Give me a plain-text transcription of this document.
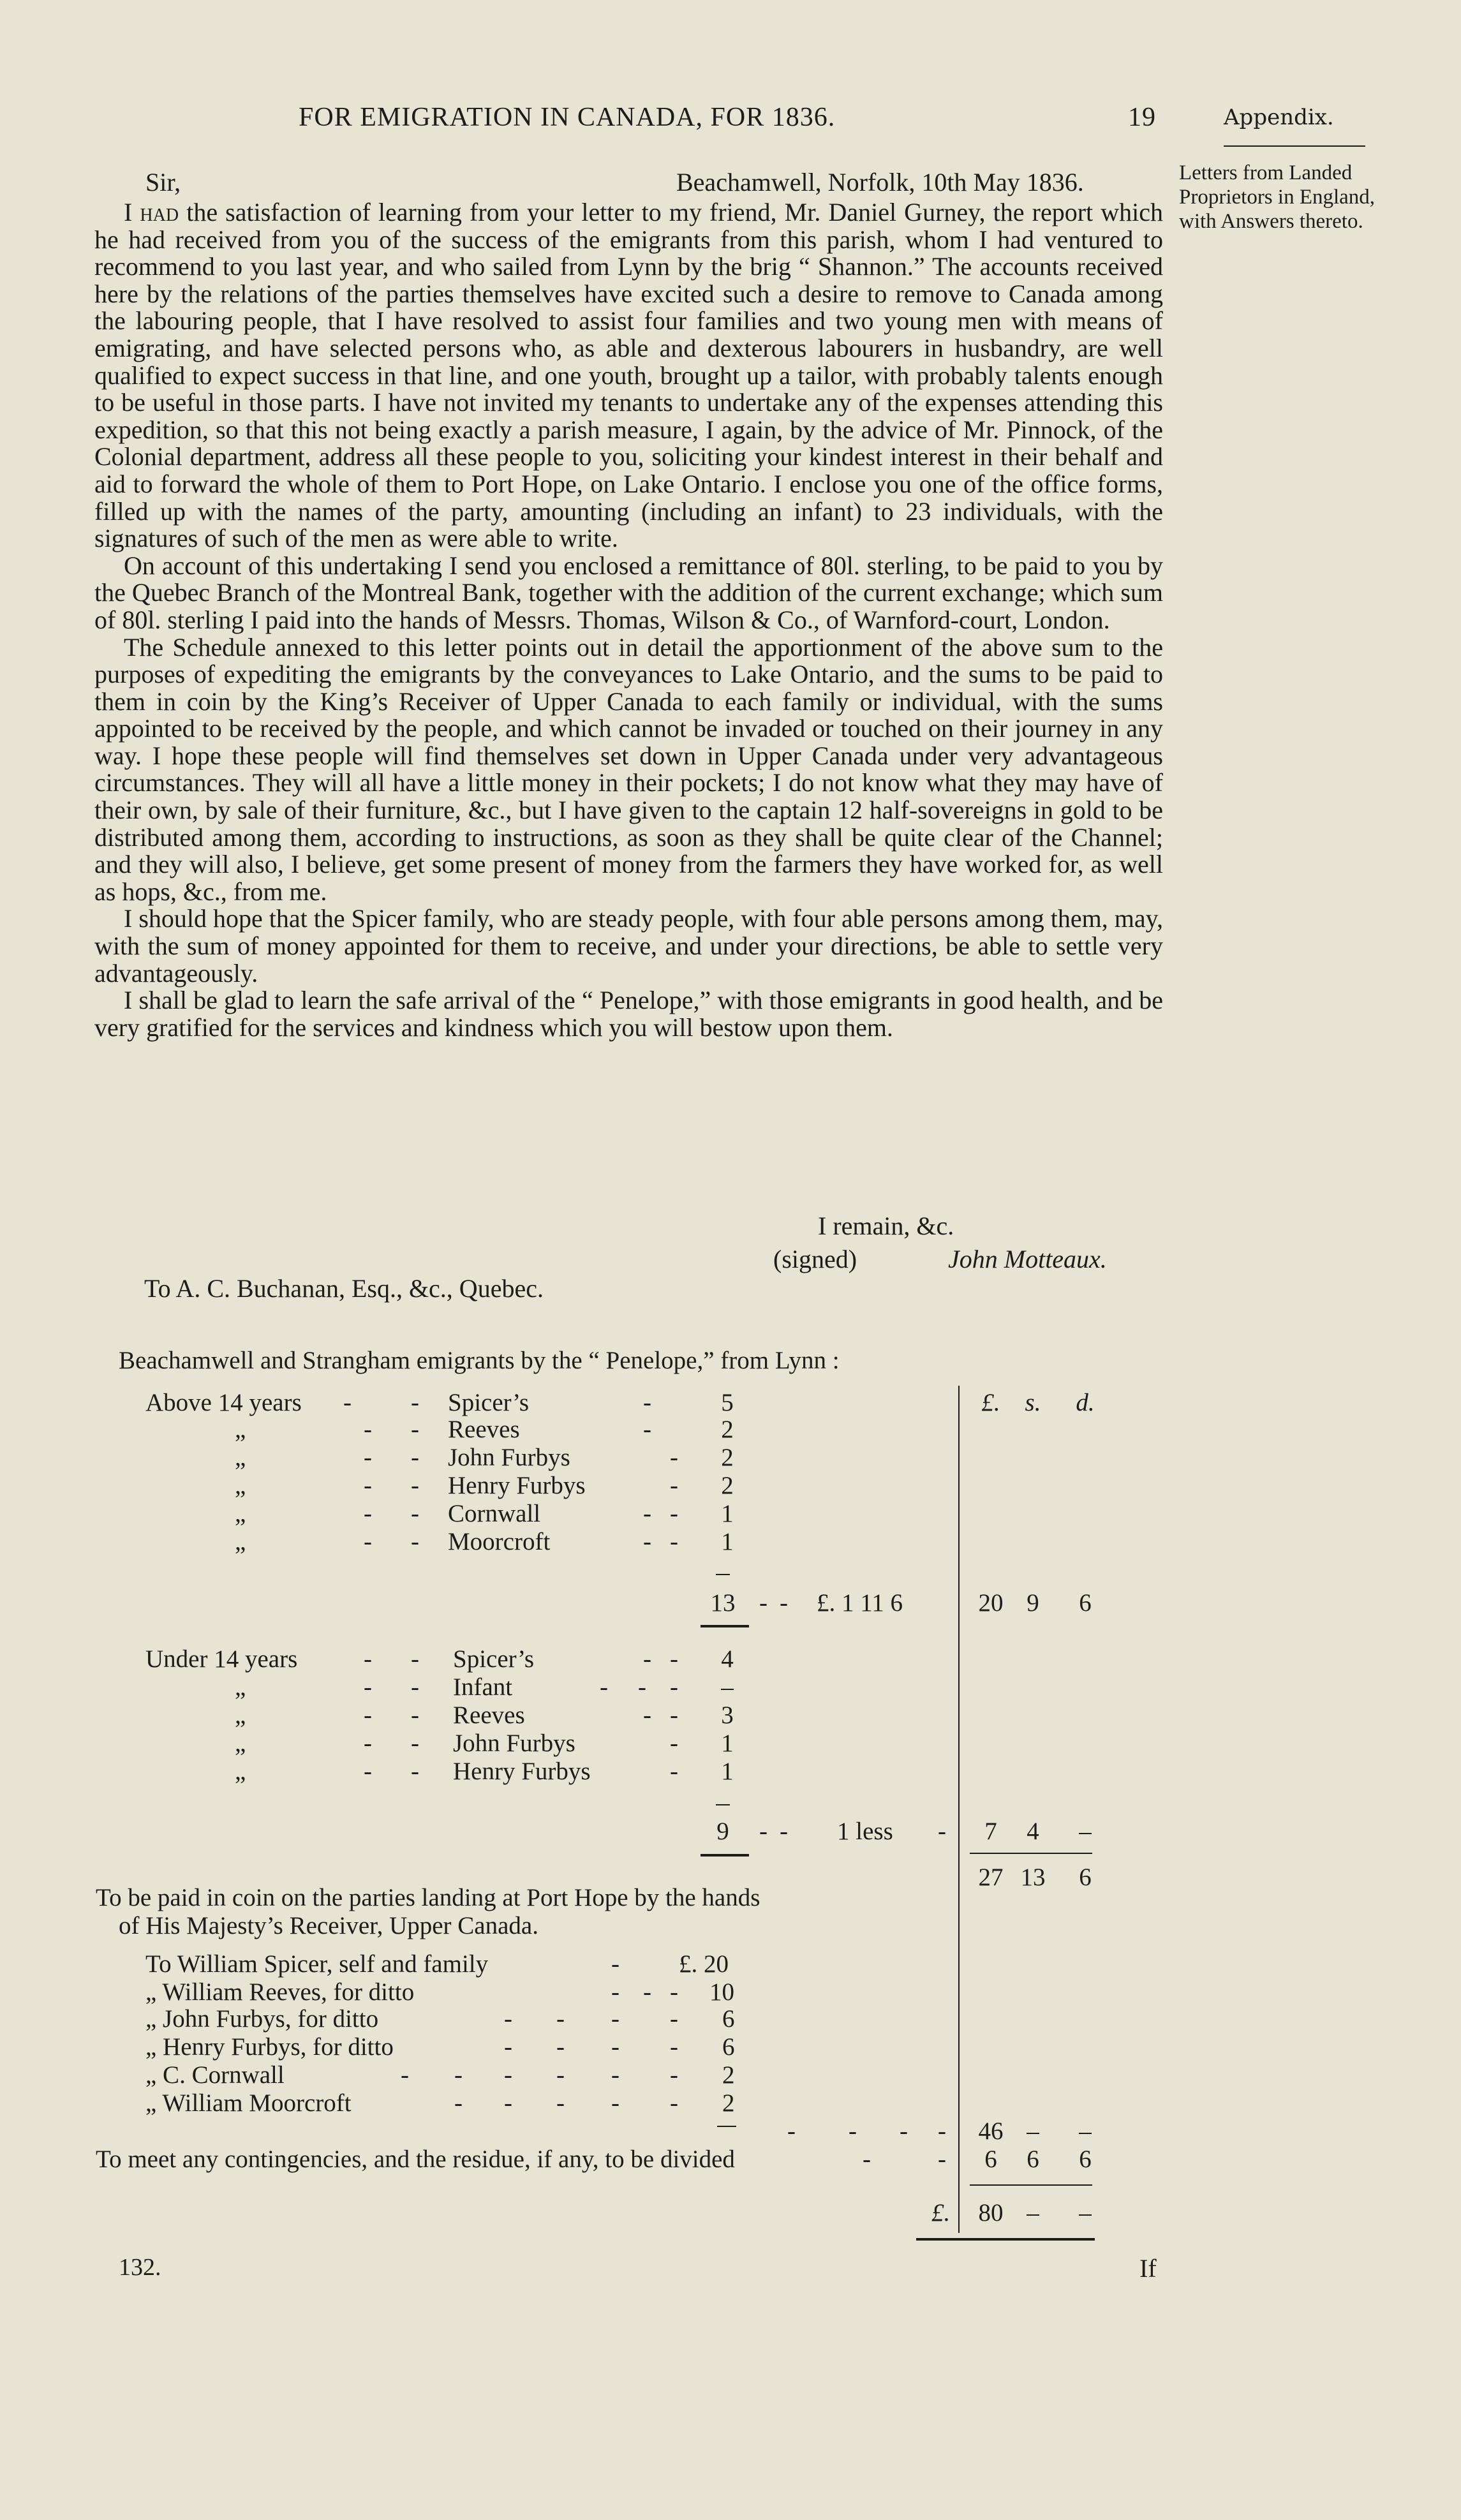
FOR EMIGRATION IN CANADA, FOR 1836.	19	Appendix.
Letters from Landed Proprietors in England, with Answers thereto.
Sir,	Beachamwell, Norfolk, 10th May 1836.

I had the satisfaction of learning from your letter to my friend, Mr. Daniel Gurney, the report which he had received from you of the success of the emigrants from this parish, whom I had ventured to recommend to you last year, and who sailed from Lynn by the brig “ Shannon.” The accounts received here by the relations of the parties themselves have excited such a desire to remove to Canada among the labouring people, that I have resolved to assist four families and two young men with means of emigrating, and have selected persons who, as able and dexterous labourers in husbandry, are well qualified to expect success in that line, and one youth, brought up a tailor, with probably talents enough to be useful in those parts. I have not invited my tenants to undertake any of the expenses attending this expedition, so that this not being exactly a parish measure, I again, by the advice of Mr. Pinnock, of the Colonial department, address all these people to you, soliciting your kindest interest in their behalf and aid to forward the whole of them to Port Hope, on Lake Ontario. I enclose you one of the office forms, filled up with the names of the party, amounting (including an infant) to 23 individuals, with the signatures of such of the men as were able to write.

On account of this undertaking I send you enclosed a remittance of 80l. sterling, to be paid to you by the Quebec Branch of the Montreal Bank, together with the addition of the current exchange; which sum of 80l. sterling I paid into the hands of Messrs. Thomas, Wilson & Co., of Warnford-court, London.

The Schedule annexed to this letter points out in detail the apportionment of the above sum to the purposes of expediting the emigrants by the conveyances to Lake Ontario, and the sums to be paid to them in coin by the King’s Receiver of Upper Canada to each family or individual, with the sums appointed to be received by the people, and which cannot be invaded or touched on their journey in any way. I hope these people will find themselves set down in Upper Canada under very advantageous circumstances. They will all have a little money in their pockets; I do not know what they may have of their own, by sale of their furniture, &c., but I have given to the captain 12 half-sovereigns in gold to be distributed among them, according to instructions, as soon as they shall be quite clear of the Channel; and they will also, I believe, get some present of money from the farmers they have worked for, as well as hops, &c., from me.

I should hope that the Spicer family, who are steady people, with four able persons among them, may, with the sum of money appointed for them to receive, and under your directions, be able to settle very advantageously.

I shall be glad to learn the safe arrival of the “ Penelope,” with those emigrants in good health, and be very gratified for the services and kindness which you will bestow upon them.

I remain, &c.
(signed)	John Motteaux.
To A. C. Buchanan, Esq., &c., Quebec.
Beachamwell and Strangham emigrants by the “ Penelope,” from Lynn :
£. s.	d.
Above 14 years - - Spicer’s	-	5
„	- - Reeves	-	2
„	- - John Furbys	- 2
„	- - Henry Furbys	- 2
„	- - Cornwall	- - 1
„	- - Moorcroft	- - 1
13 - - £. 1 11 6	20 9	6
Under 14 years	- - Spicer’s	- - 4
„	- - Infant	- - - –
„	- - Reeves	- - 3
„	- - John Furbys	- 1
„	- - Henry Furbys	- 1
9	- - 1 less -	7	4	–
27 13	6
To be paid in coin on the parties landing at Port Hope by the hands
of His Majesty’s Receiver, Upper Canada.
To William Spicer, self and family	- £. 20
„ William Reeves, for ditto	- - - 10
„ John Furbys, for ditto	- - - - 6
„ Henry Furbys, for ditto	- - - - 6
„ C. Cornwall	- - - - - - 2
„ William Moorcroft	- - - - - 2
- - - - 46 –	–
To meet any contingencies, and the residue, if any, to be divided	-	-	6	6	6
£. 80 –	–
132.	If
